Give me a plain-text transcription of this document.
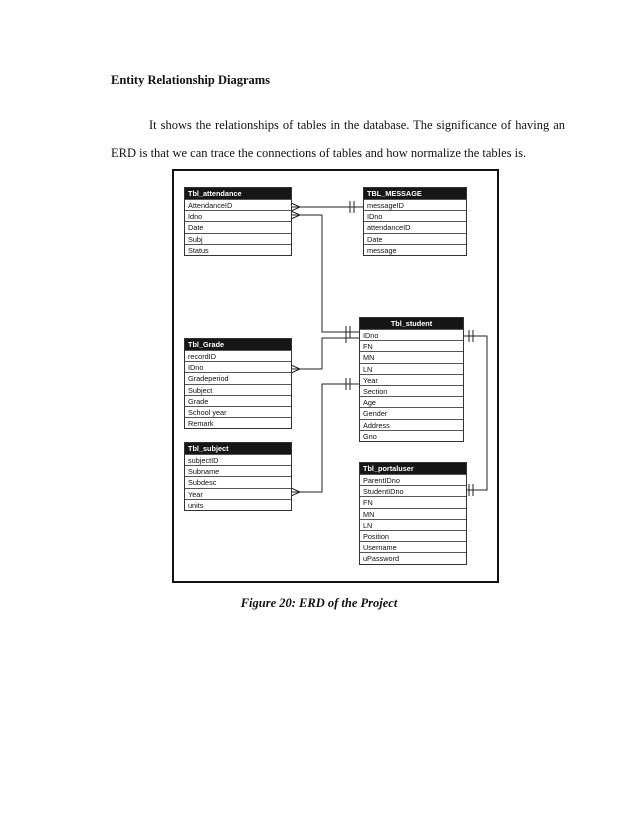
Entity Relationship Diagrams
It shows the relationships of tables in the database. The significance of having an ERD is that we can trace the connections of tables and how normalize the tables is.
Tbl_attendance
AttendanceID
Idno
Date
Subj
Status
TBL_MESSAGE
messageID
IDno
attendanceID
Date
message
Tbl_student
IDno
FN
MN
LN
Year
Section
Age
Gender
Address
Gno
Tbl_Grade
recordID
IDno
Gradeperiod
Subject
Grade
School year
Remark
Tbl_subject
subjectID
Subname
Subdesc
Year
units
Tbl_portaluser
ParentIDno
StudentIDno
FN
MN
LN
Position
Username
uPassword
Figure 20: ERD of the Project
